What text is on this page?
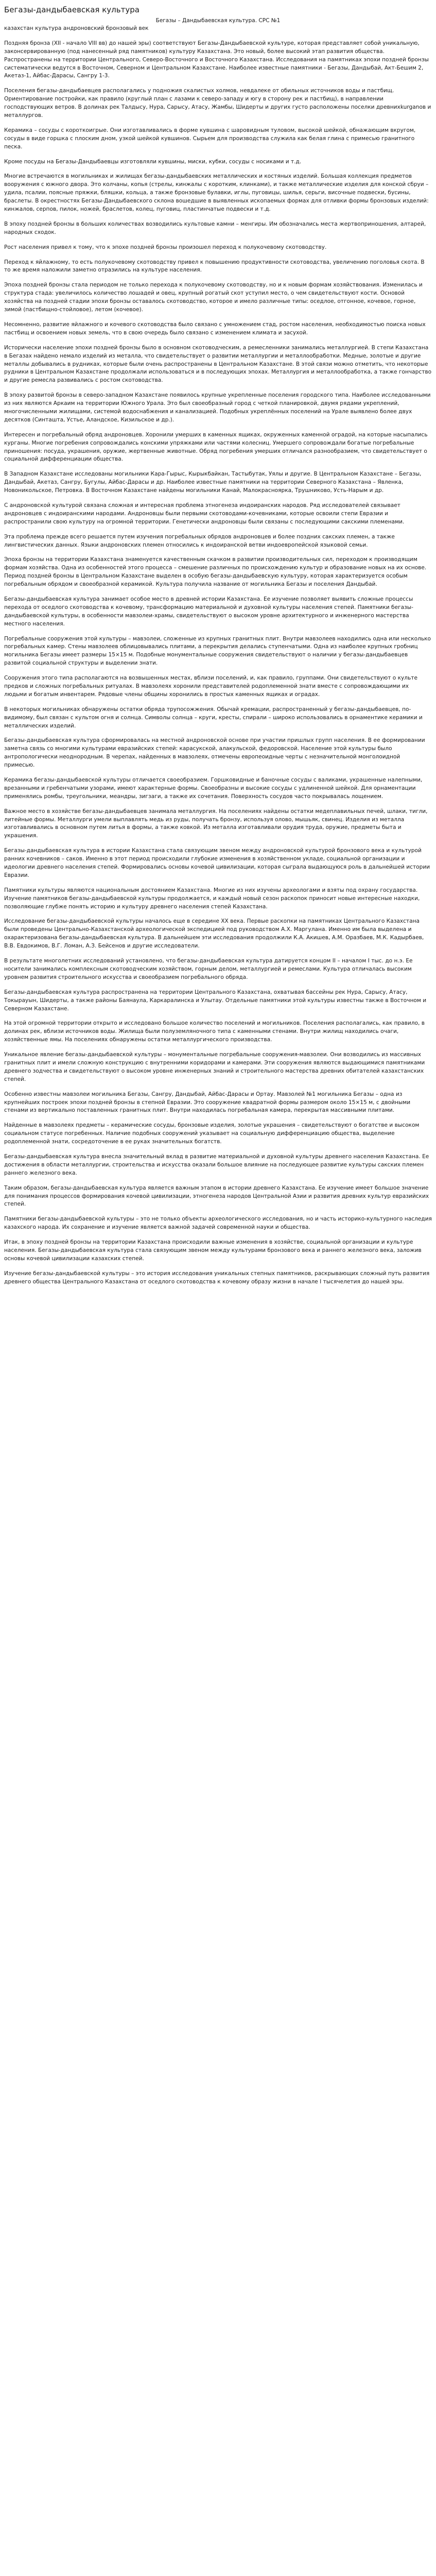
Бегазы-дандыбаевская культура

Бегазы – Дандыбаевская культура. СРС №1

казахстан культура андроновский бронзовый век

Поздняя бронза (XII - начало VIII вв) до нашей эры) соответствуют Бегазы-Дандыбаевской культуре, которая представляет собой уникальную, законсервированную (под нанесенный ряд памятников) культуру Казахстана. Это новый, более высокий этап развития общества. Распространены на территории Центрального, Северо-Восточного и Восточного Казахстана. Исследования на памятниках эпохи поздней бронзы систематически ведутся в Восточном, Северном и Центральном Казахстане. Наиболее известные памятники - Бегазы, Дандыбай, Акт-Бешим 2, Акетаз-1, Айбас-Дарасы, Сангру 1-3.

Поселения бегазы-дандыбаевцев располагались у подножия скалистых холмов, невдалеке от обильных источников воды и пастбищ. Ориентирование постройки, как правило (круглый план с лазами к северо-западу и югу в сторону рек и пастбищ), в направлении господствующих ветров. В долинах рек Талдысу, Нура, Сарысу, Атасу, Жамбы, Шидерты и других густо расположены поселки древнихkurganов и металлургов.

Керамика – сосуды с короткоигрые. Они изготавливались в форме кувшина с шаровидным туловом, высокой шейкой, обнажающим вкругом, сосуды в виде горшка с плоским дном, узкой шейкой кувшинов. Сырьем для производства служила как белая глина с примесью гранитного песка.

Кроме посуды на Бегазы-Дандыбаевцы изготовляли кувшины, миски, кубки, сосуды с носиками и т.д.

Многие встречаются в могильниках и жилищах бегазы-дандыбаевских металлических и костяных изделий. Большая коллекция предметов вооружения с южного двора. Это колчаны, копья (стрелы, кинжалы с коротким, клинками), и также металлические изделия для конской сбруи – удила, псалии, поясные пряжки, бляшки, кольца, а также бронзовые булавки, иглы, пуговицы, шилья, серьги, височные подвески, бусины, браслеты. В окрестностях Бегазы-Дандыбаевского склона вошедшие в выявленных ископаемых формах для отливки формы бронзовых изделий: кинжалов, серпов, пилок, ножей, браслетов, колец, пуговиц, пластинчатые подвески и т.д.

В эпоху поздней бронзы в больших количествах возводились культовые камни – менгиры. Им обозначались места жертвоприношения, алтарей, народных сходок.

Рост населения привел к тому, что к эпохе поздней бронзы произошел переход к полукочевому скотоводству.

Переход к яйлажному, то есть полукочевому скотоводству привел к повышению продуктивности скотоводства, увеличению поголовья скота. В то же время наложили заметно отразились на культуре населения.

Эпоха поздней бронзы стала периодом не только перехода к полукочевому скотоводству, но и к новым формам хозяйствования. Изменилась и структура стада: увеличилось количество лошадей и овец, крупный рогатый скот уступил место, о чем свидетельствуют кости. Основой хозяйства на поздней стадии эпохи бронзы оставалось скотоводство, которое и имело различные типы: оседлое, отгонное, кочевое, горное, зимой (пастбищно-стойловое), летом (кочевое).

Несомненно, развитие яйлажного и кочевого скотоводства было связано с умножением стад, ростом населения, необходимостью поиска новых пастбищ и освоением новых земель, что в свою очередь было связано с изменением климата и засухой.

Исторически население эпохи поздней бронзы было в основном скотоводческим, а ремесленники занимались металлургией. В степи Казахстана в Бегазах найдено немало изделий из металла, что свидетельствует о развитии металлургии и металлообработки. Медные, золотые и другие металлы добывались в рудниках, которые были очень распространены в Центральном Казахстане. В этой связи можно отметить, что некоторые рудники в Центральном Казахстане продолжали использоваться и в последующих эпохах. Металлургия и металлообработка, а также гончарство и другие ремесла развивались с ростом скотоводства.

В эпоху развитой бронзы в северо-западном Казахстане появилось крупные укрепленные поселения городского типа. Наиболее исследованными из них являются Аркаим на территории Южного Урала. Это был своеобразный город с четкой планировкой, двумя рядами укреплений, многочисленными жилищами, системой водоснабжения и канализацией. Подобных укреплённых поселений на Урале выявлено более двух десятков (Синташта, Устье, Аландское, Кизильское и др.).

Интересен и погребальный обряд андроновцев. Хоронили умерших в каменных ящиках, окруженных каменной оградой, на которые насыпались курганы. Многие погребения сопровождались конскими упряжками или частями колесниц. Умершего сопровождали богатые погребальные приношения: посуда, украшения, оружие, жертвенные животные. Обряд погребения умерших отличался разнообразием, что свидетельствует о социальной дифференциации общества.

В Западном Казахстане исследованы могильники Кара-Гырыс, Кырыкбайкан, Тастыбутак, Уялы и другие. В Центральном Казахстане – Бегазы, Дандыбай, Акетаз, Сангру, Бугулы, Айбас-Дарасы и др. Наиболее известные памятники на территории Северного Казахстана – Явленка, Новоникольское, Петровка. В Восточном Казахстане найдены могильники Канай, Малокрасноярка, Трушниково, Усть-Нарым и др.

С андроновской культурой связана сложная и интересная проблема этногенеза индоиранских народов. Ряд исследователей связывает андроновцев с индоиранскими народами. Андроновцы были первыми скотоводами-кочевниками, которые освоили степи Евразии и распространили свою культуру на огромной территории. Генетически андроновцы были связаны с последующими сакскими племенами.

Эта проблема прежде всего решается путем изучения погребальных обрядов андроновцев и более поздних сакских племен, а также лингвистических данных. Языки андроновских племен относились к индоиранской ветви индоевропейской языковой семьи.

Эпоха бронзы на территории Казахстана знаменуется качественным скачком в развитии производительных сил, переходом к производящим формам хозяйства. Одна из особенностей этого процесса – смешение различных по происхождению культур и образование новых на их основе. Период поздней бронзы в Центральном Казахстане выделен в особую бегазы-дандыбаевскую культуру, которая характеризуется особым погребальным обрядом и своеобразной керамикой. Культура получила название от могильника Бегазы и поселения Дандыбай.

Бегазы-дандыбаевская культура занимает особое место в древней истории Казахстана. Ее изучение позволяет выявить сложные процессы перехода от оседлого скотоводства к кочевому, трансформацию материальной и духовной культуры населения степей. Памятники бегазы-дандыбаевской культуры, в особенности мавзолеи-храмы, свидетельствуют о высоком уровне архитектурного и инженерного мастерства местного населения.

Погребальные сооружения этой культуры – мавзолеи, сложенные из крупных гранитных плит. Внутри мавзолеев находились одна или несколько погребальных камер. Стены мавзолеев облицовывались плитами, а перекрытия делались ступенчатыми. Одна из наиболее крупных гробниц могильника Бегазы имеет размеры 15×15 м. Подобные монументальные сооружения свидетельствуют о наличии у бегазы-дандыбаевцев развитой социальной структуры и выделении знати.

Сооружения этого типа располагаются на возвышенных местах, вблизи поселений, и, как правило, группами. Они свидетельствуют о культе предков и сложных погребальных ритуалах. В мавзолеях хоронили представителей родоплеменной знати вместе с сопровождающими их людьми и богатым инвентарем. Рядовые члены общины хоронились в простых каменных ящиках и оградах.

В некоторых могильниках обнаружены остатки обряда трупосожжения. Обычай кремации, распространенный у бегазы-дандыбаевцев, по-видимому, был связан с культом огня и солнца. Символы солнца – круги, кресты, спирали – широко использовались в орнаментике керамики и металлических изделий.

Бегазы-дандыбаевская культура сформировалась на местной андроновской основе при участии пришлых групп населения. В ее формировании заметна связь со многими культурами евразийских степей: карасукской, алакульской, федоровской. Население этой культуры было антропологически неоднородным. В черепах, найденных в мавзолеях, отмечены европеоидные черты с незначительной монголоидной примесью.

Керамика бегазы-дандыбаевской культуры отличается своеобразием. Горшковидные и баночные сосуды с валиками, украшенные налепными, врезанными и гребенчатыми узорами, имеют характерные формы. Своеобразны и высокие сосуды с удлиненной шейкой. Для орнаментации применялись ромбы, треугольники, меандры, зигзаги, а также их сочетания. Поверхность сосудов часто покрывалась лощением.

Важное место в хозяйстве бегазы-дандыбаевцев занимала металлургия. На поселениях найдены остатки медеплавильных печей, шлаки, тигли, литейные формы. Металлурги умели выплавлять медь из руды, получать бронзу, используя олово, мышьяк, свинец. Изделия из металла изготавливались в основном путем литья в формы, а также ковкой. Из металла изготавливали орудия труда, оружие, предметы быта и украшения.

Бегазы-дандыбаевская культура в истории Казахстана стала связующим звеном между андроновской культурой бронзового века и культурой ранних кочевников – саков. Именно в этот период происходили глубокие изменения в хозяйственном укладе, социальной организации и идеологии древнего населения степей. Формировались основы кочевой цивилизации, которая сыграла выдающуюся роль в дальнейшей истории Евразии.

Памятники культуры являются национальным достоянием Казахстана. Многие из них изучены археологами и взяты под охрану государства. Изучение памятников бегазы-дандыбаевской культуры продолжается, и каждый новый сезон раскопок приносит новые интересные находки, позволяющие глубже понять историю и культуру древнего населения степей Казахстана.

Исследование бегазы-дандыбаевской культуры началось еще в середине XX века. Первые раскопки на памятниках Центрального Казахстана были проведены Центрально-Казахстанской археологической экспедицией под руководством А.Х. Маргулана. Именно им была выделена и охарактеризована бегазы-дандыбаевская культура. В дальнейшем эти исследования продолжили К.А. Акишев, А.М. Оразбаев, М.К. Кадырбаев, В.В. Евдокимов, В.Г. Ломан, А.З. Бейсенов и другие исследователи.

В результате многолетних исследований установлено, что бегазы-дандыбаевская культура датируется концом II – началом I тыс. до н.э. Ее носители занимались комплексным скотоводческим хозяйством, горным делом, металлургией и ремеслами. Культура отличалась высоким уровнем развития строительного искусства и своеобразием погребального обряда.

Бегазы-дандыбаевская культура распространена на территории Центрального Казахстана, охватывая бассейны рек Нура, Сарысу, Атасу, Токырауын, Шидерты, а также районы Баянаула, Каркаралинска и Улытау. Отдельные памятники этой культуры известны также в Восточном и Северном Казахстане.

На этой огромной территории открыто и исследовано большое количество поселений и могильников. Поселения располагались, как правило, в долинах рек, вблизи источников воды. Жилища были полуземляночного типа с каменными стенами. Внутри жилищ находились очаги, хозяйственные ямы. На поселениях обнаружены остатки металлургического производства.

Уникальное явление бегазы-дандыбаевской культуры – монументальные погребальные сооружения-мавзолеи. Они возводились из массивных гранитных плит и имели сложную конструкцию с внутренними коридорами и камерами. Эти сооружения являются выдающимися памятниками древнего зодчества и свидетельствуют о высоком уровне инженерных знаний и строительного мастерства древних обитателей казахстанских степей.

Особенно известны мавзолеи могильника Бегазы, Сангру, Дандыбай, Айбас-Дарасы и Ортау. Мавзолей №1 могильника Бегазы – одна из крупнейших построек эпохи поздней бронзы в степной Евразии. Это сооружение квадратной формы размером около 15×15 м, с двойными стенами из вертикально поставленных гранитных плит. Внутри находилась погребальная камера, перекрытая массивными плитами.

Найденные в мавзолеях предметы – керамические сосуды, бронзовые изделия, золотые украшения – свидетельствуют о богатстве и высоком социальном статусе погребенных. Наличие подобных сооружений указывает на социальную дифференциацию общества, выделение родоплеменной знати, сосредоточение в ее руках значительных богатств.

Бегазы-дандыбаевская культура внесла значительный вклад в развитие материальной и духовной культуры древнего населения Казахстана. Ее достижения в области металлургии, строительства и искусства оказали большое влияние на последующее развитие культуры сакских племен раннего железного века.

Таким образом, бегазы-дандыбаевская культура является важным этапом в истории древнего Казахстана. Ее изучение имеет большое значение для понимания процессов формирования кочевой цивилизации, этногенеза народов Центральной Азии и развития древних культур евразийских степей.

Памятники бегазы-дандыбаевской культуры – это не только объекты археологического исследования, но и часть историко-культурного наследия казахского народа. Их сохранение и изучение является важной задачей современной науки и общества.

Итак, в эпоху поздней бронзы на территории Казахстана происходили важные изменения в хозяйстве, социальной организации и культуре населения. Бегазы-дандыбаевская культура стала связующим звеном между культурами бронзового века и раннего железного века, заложив основы кочевой цивилизации казахских степей.

Изучение бегазы-дандыбаевской культуры – это история исследования уникальных степных памятников, раскрывающих сложный путь развития древнего общества Центрального Казахстана от оседлого скотоводства к кочевому образу жизни в начале I тысячелетия до нашей эры.
